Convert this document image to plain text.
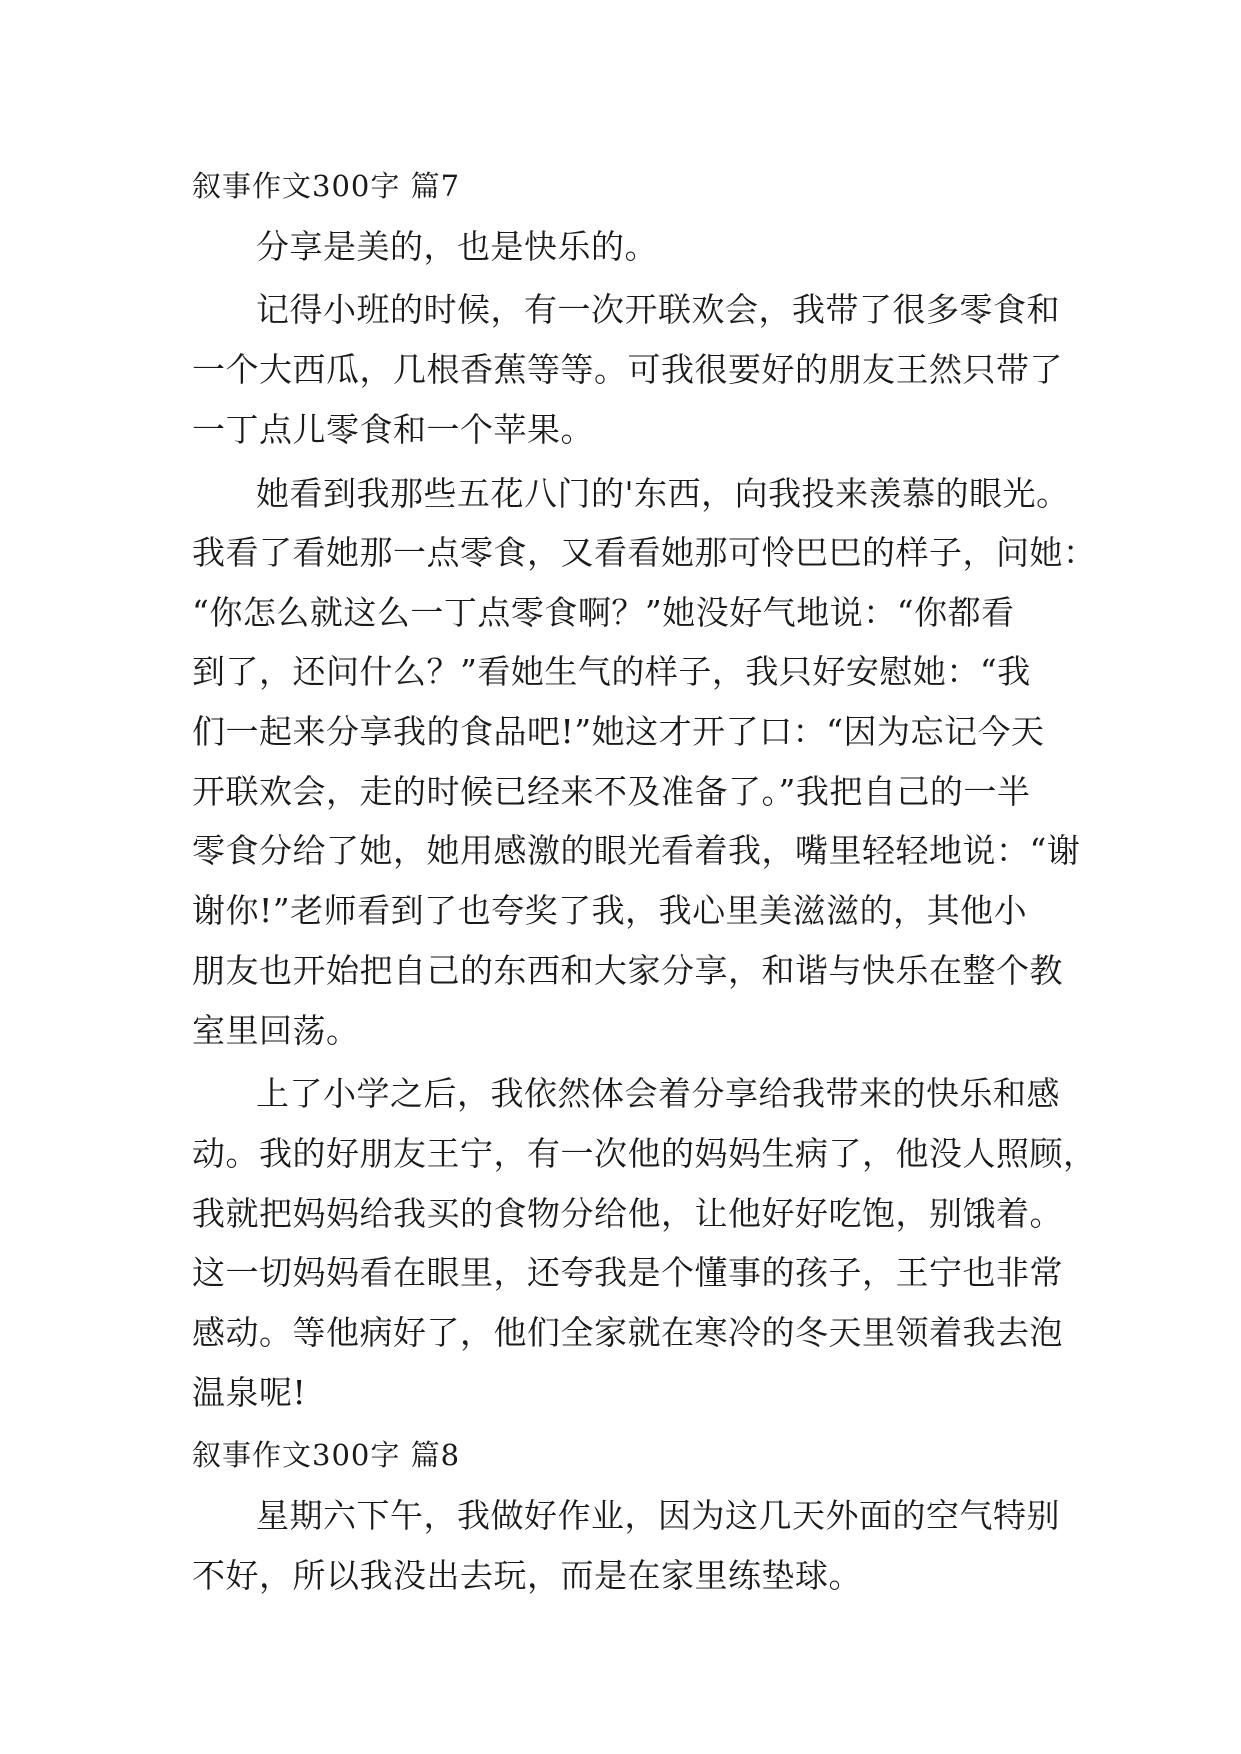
叙事作文300字 篇7
分享是美的，也是快乐的。
记得小班的时候，有一次开联欢会，我带了很多零食和
一个大西瓜，几根香蕉等等。可我很要好的朋友王然只带了
一丁点儿零食和一个苹果。
她看到我那些五花八门的'东西，向我投来羡慕的眼光。
我看了看她那一点零食，又看看她那可怜巴巴的样子，问她：
“你怎么就这么一丁点零食啊？”她没好气地说：“你都看
到了，还问什么？”看她生气的样子，我只好安慰她：“我
们一起来分享我的食品吧!”她这才开了口：“因为忘记今天
开联欢会，走的时候已经来不及准备了。”我把自己的一半
零食分给了她，她用感激的眼光看着我，嘴里轻轻地说：“谢
谢你!”老师看到了也夸奖了我，我心里美滋滋的，其他小
朋友也开始把自己的东西和大家分享，和谐与快乐在整个教
室里回荡。
上了小学之后，我依然体会着分享给我带来的快乐和感
动。我的好朋友王宁，有一次他的妈妈生病了，他没人照顾，
我就把妈妈给我买的食物分给他，让他好好吃饱，别饿着。
这一切妈妈看在眼里，还夸我是个懂事的孩子，王宁也非常
感动。等他病好了，他们全家就在寒冷的冬天里领着我去泡
温泉呢!
叙事作文300字 篇8
星期六下午，我做好作业，因为这几天外面的空气特别
不好，所以我没出去玩，而是在家里练垫球。
